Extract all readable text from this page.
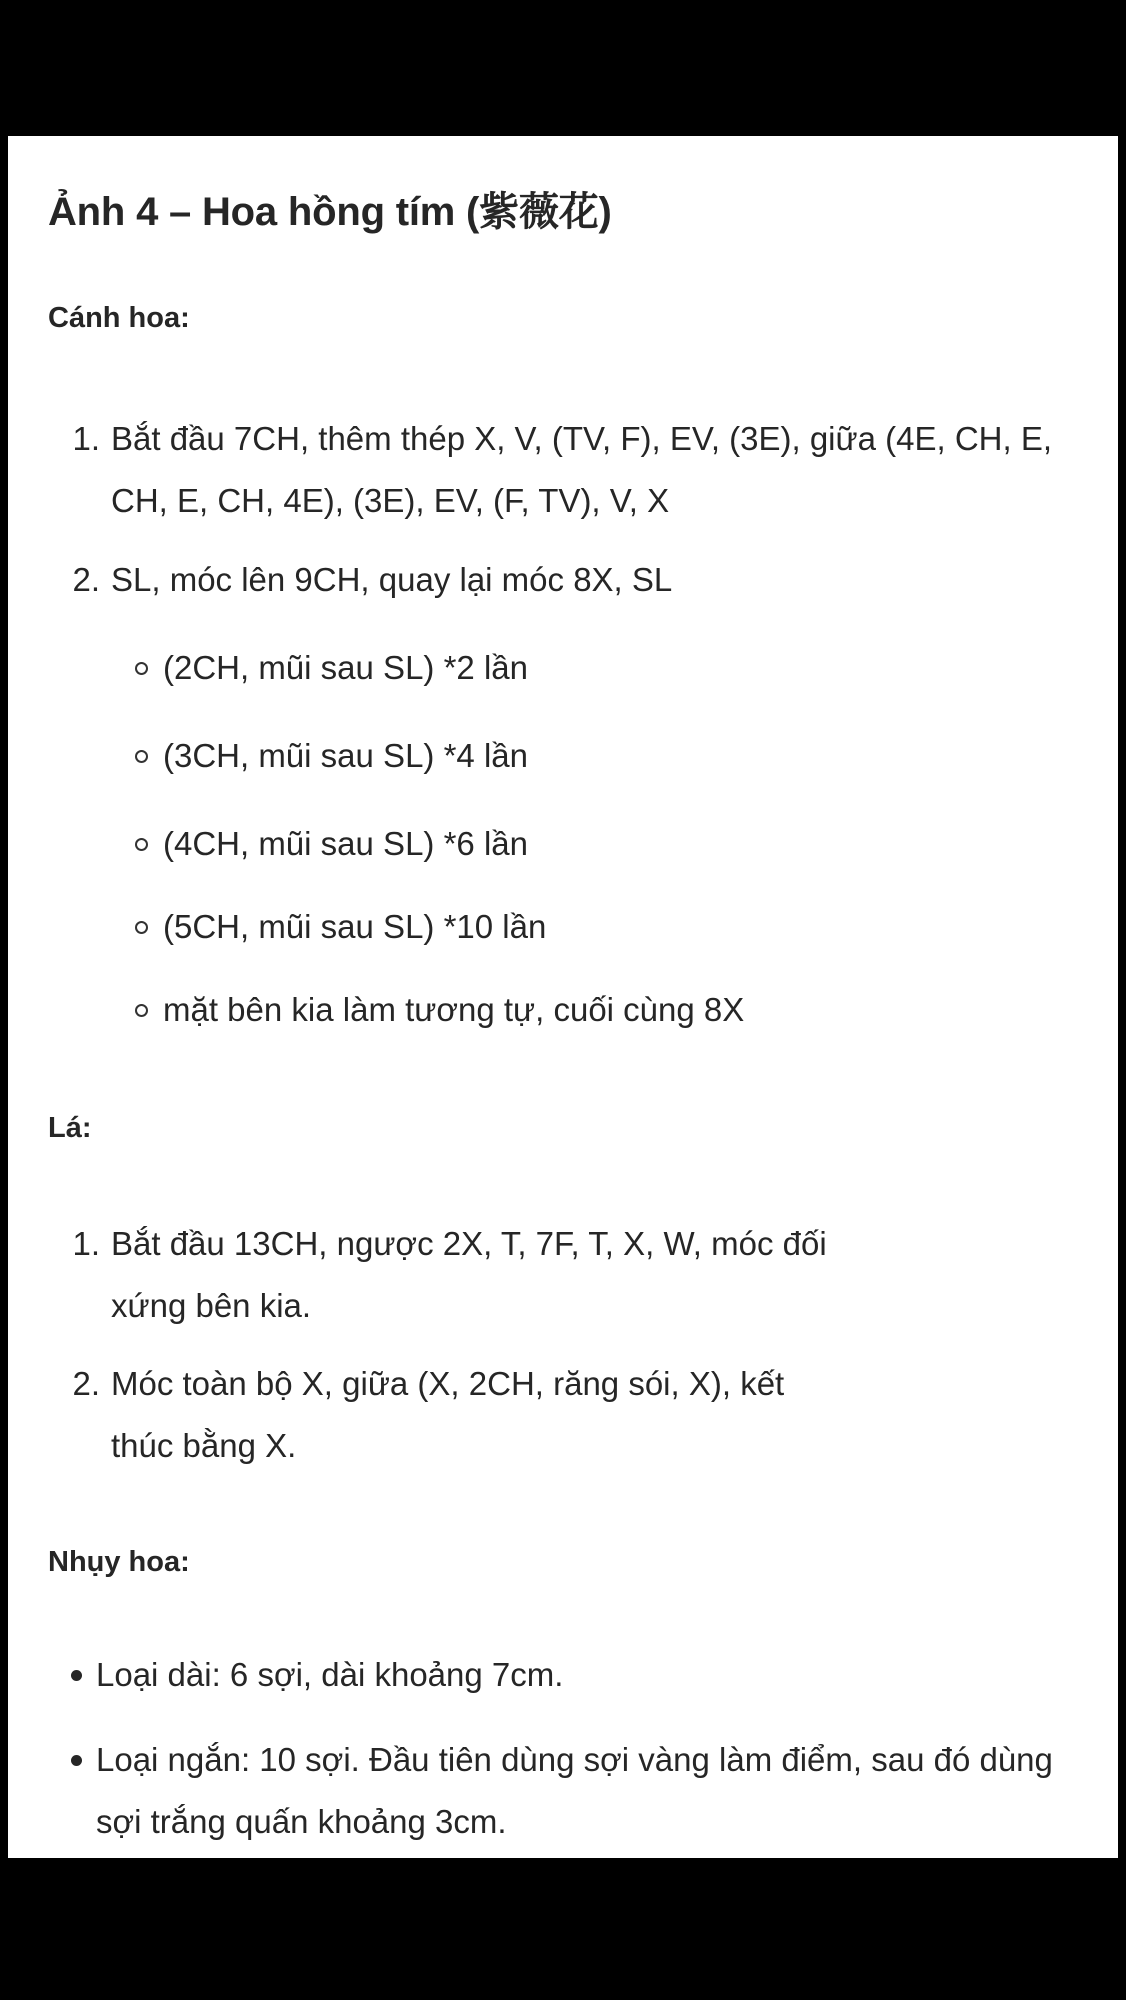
Ảnh 4 – Hoa hồng tím (紫薇花)
Cánh hoa:
1. Bắt đầu 7CH, thêm thép X, V, (TV, F), EV, (3E), giữa (4E, CH, E, CH, E, CH, 4E), (3E), EV, (F, TV), V, X
2. SL, móc lên 9CH, quay lại móc 8X, SL
(2CH, mũi sau SL) *2 lần
(3CH, mũi sau SL) *4 lần
(4CH, mũi sau SL) *6 lần
(5CH, mũi sau SL) *10 lần
mặt bên kia làm tương tự, cuối cùng 8X
Lá:
1. Bắt đầu 13CH, ngược 2X, T, 7F, T, X, W, móc đối xứng bên kia.
2. Móc toàn bộ X, giữa (X, 2CH, răng sói, X), kết thúc bằng X.
Nhụy hoa:
Loại dài: 6 sợi, dài khoảng 7cm.
Loại ngắn: 10 sợi. Đầu tiên dùng sợi vàng làm điểm, sau đó dùng sợi trắng quấn khoảng 3cm.
